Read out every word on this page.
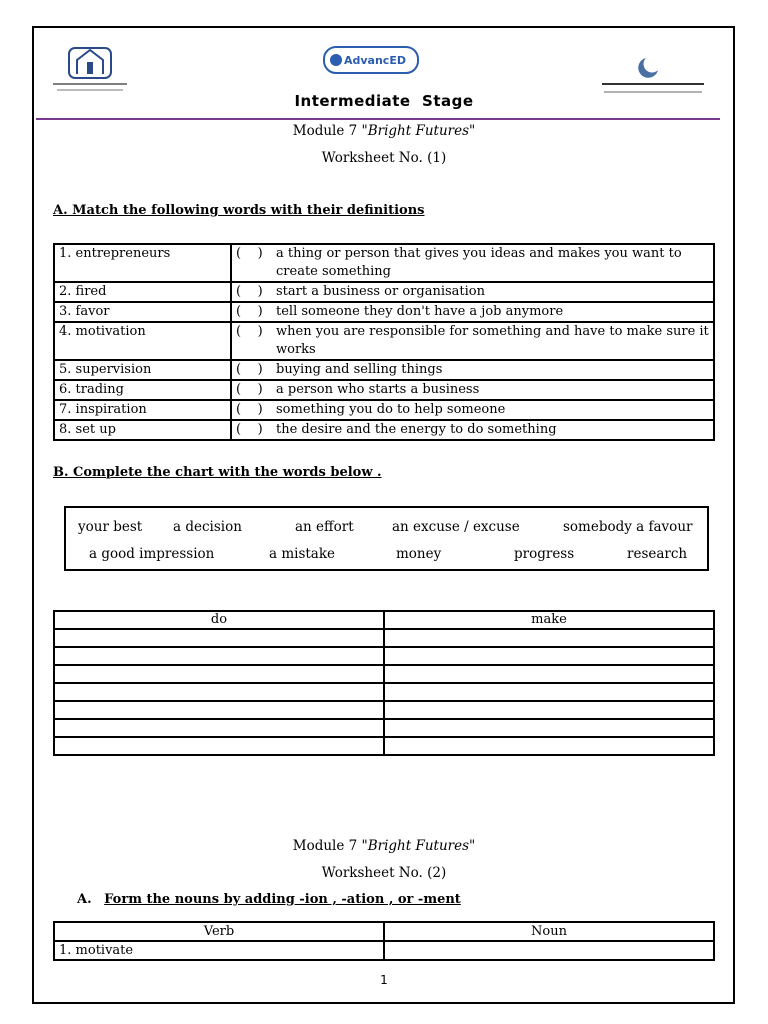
AdvancED
Intermediate  Stage
Module 7 "Bright Futures"
Worksheet No. (1)
A. Match the following words with their definitions
1. entrepreneurs	(    ) a thing or person that gives you ideas and makes you want to create something

2. fired	(    ) start a business or organisation

3. favor	(    ) tell someone they don't have a job anymore

4. motivation	(    ) when you are responsible for something and have to make sure it works

5. supervision	(    ) buying and selling things

6. trading	(    ) a person who starts a business

7. inspiration	(    ) something you do to help someone

8. set up	(    ) the desire and the energy to do something
B. Complete the chart with the words below .
your best a decision	an effort	an excuse / excuse	somebody a favour
a good impression	a mistake	money	progress	research
do	make

Module 7 "Bright Futures"
Worksheet No. (2)
A. Form the nouns by adding -ion , -ation , or -ment
Verb	Noun
1. motivate	
1
